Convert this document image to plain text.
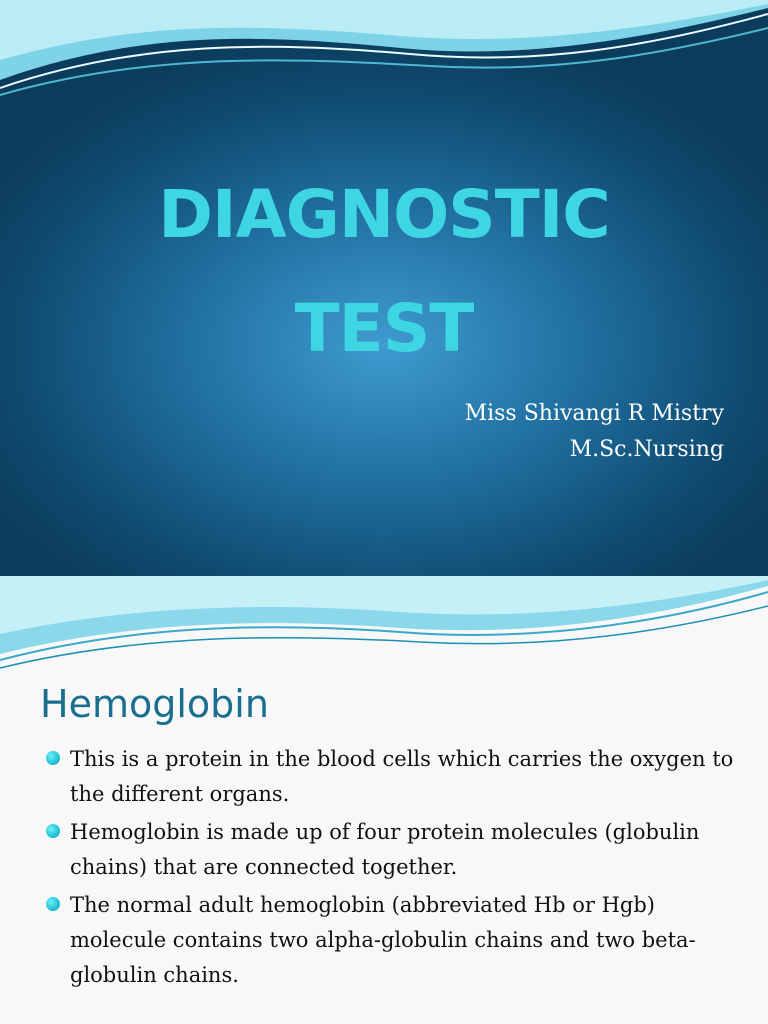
DIAGNOSTIC
TEST
Miss Shivangi R Mistry
M.Sc.Nursing
Hemoglobin
This is a protein in the blood cells which carries the oxygen to the different organs.
Hemoglobin is made up of four protein molecules (globulin chains) that are connected together.
The normal adult hemoglobin (abbreviated Hb or Hgb) molecule contains two alpha-globulin chains and two beta-globulin chains.
